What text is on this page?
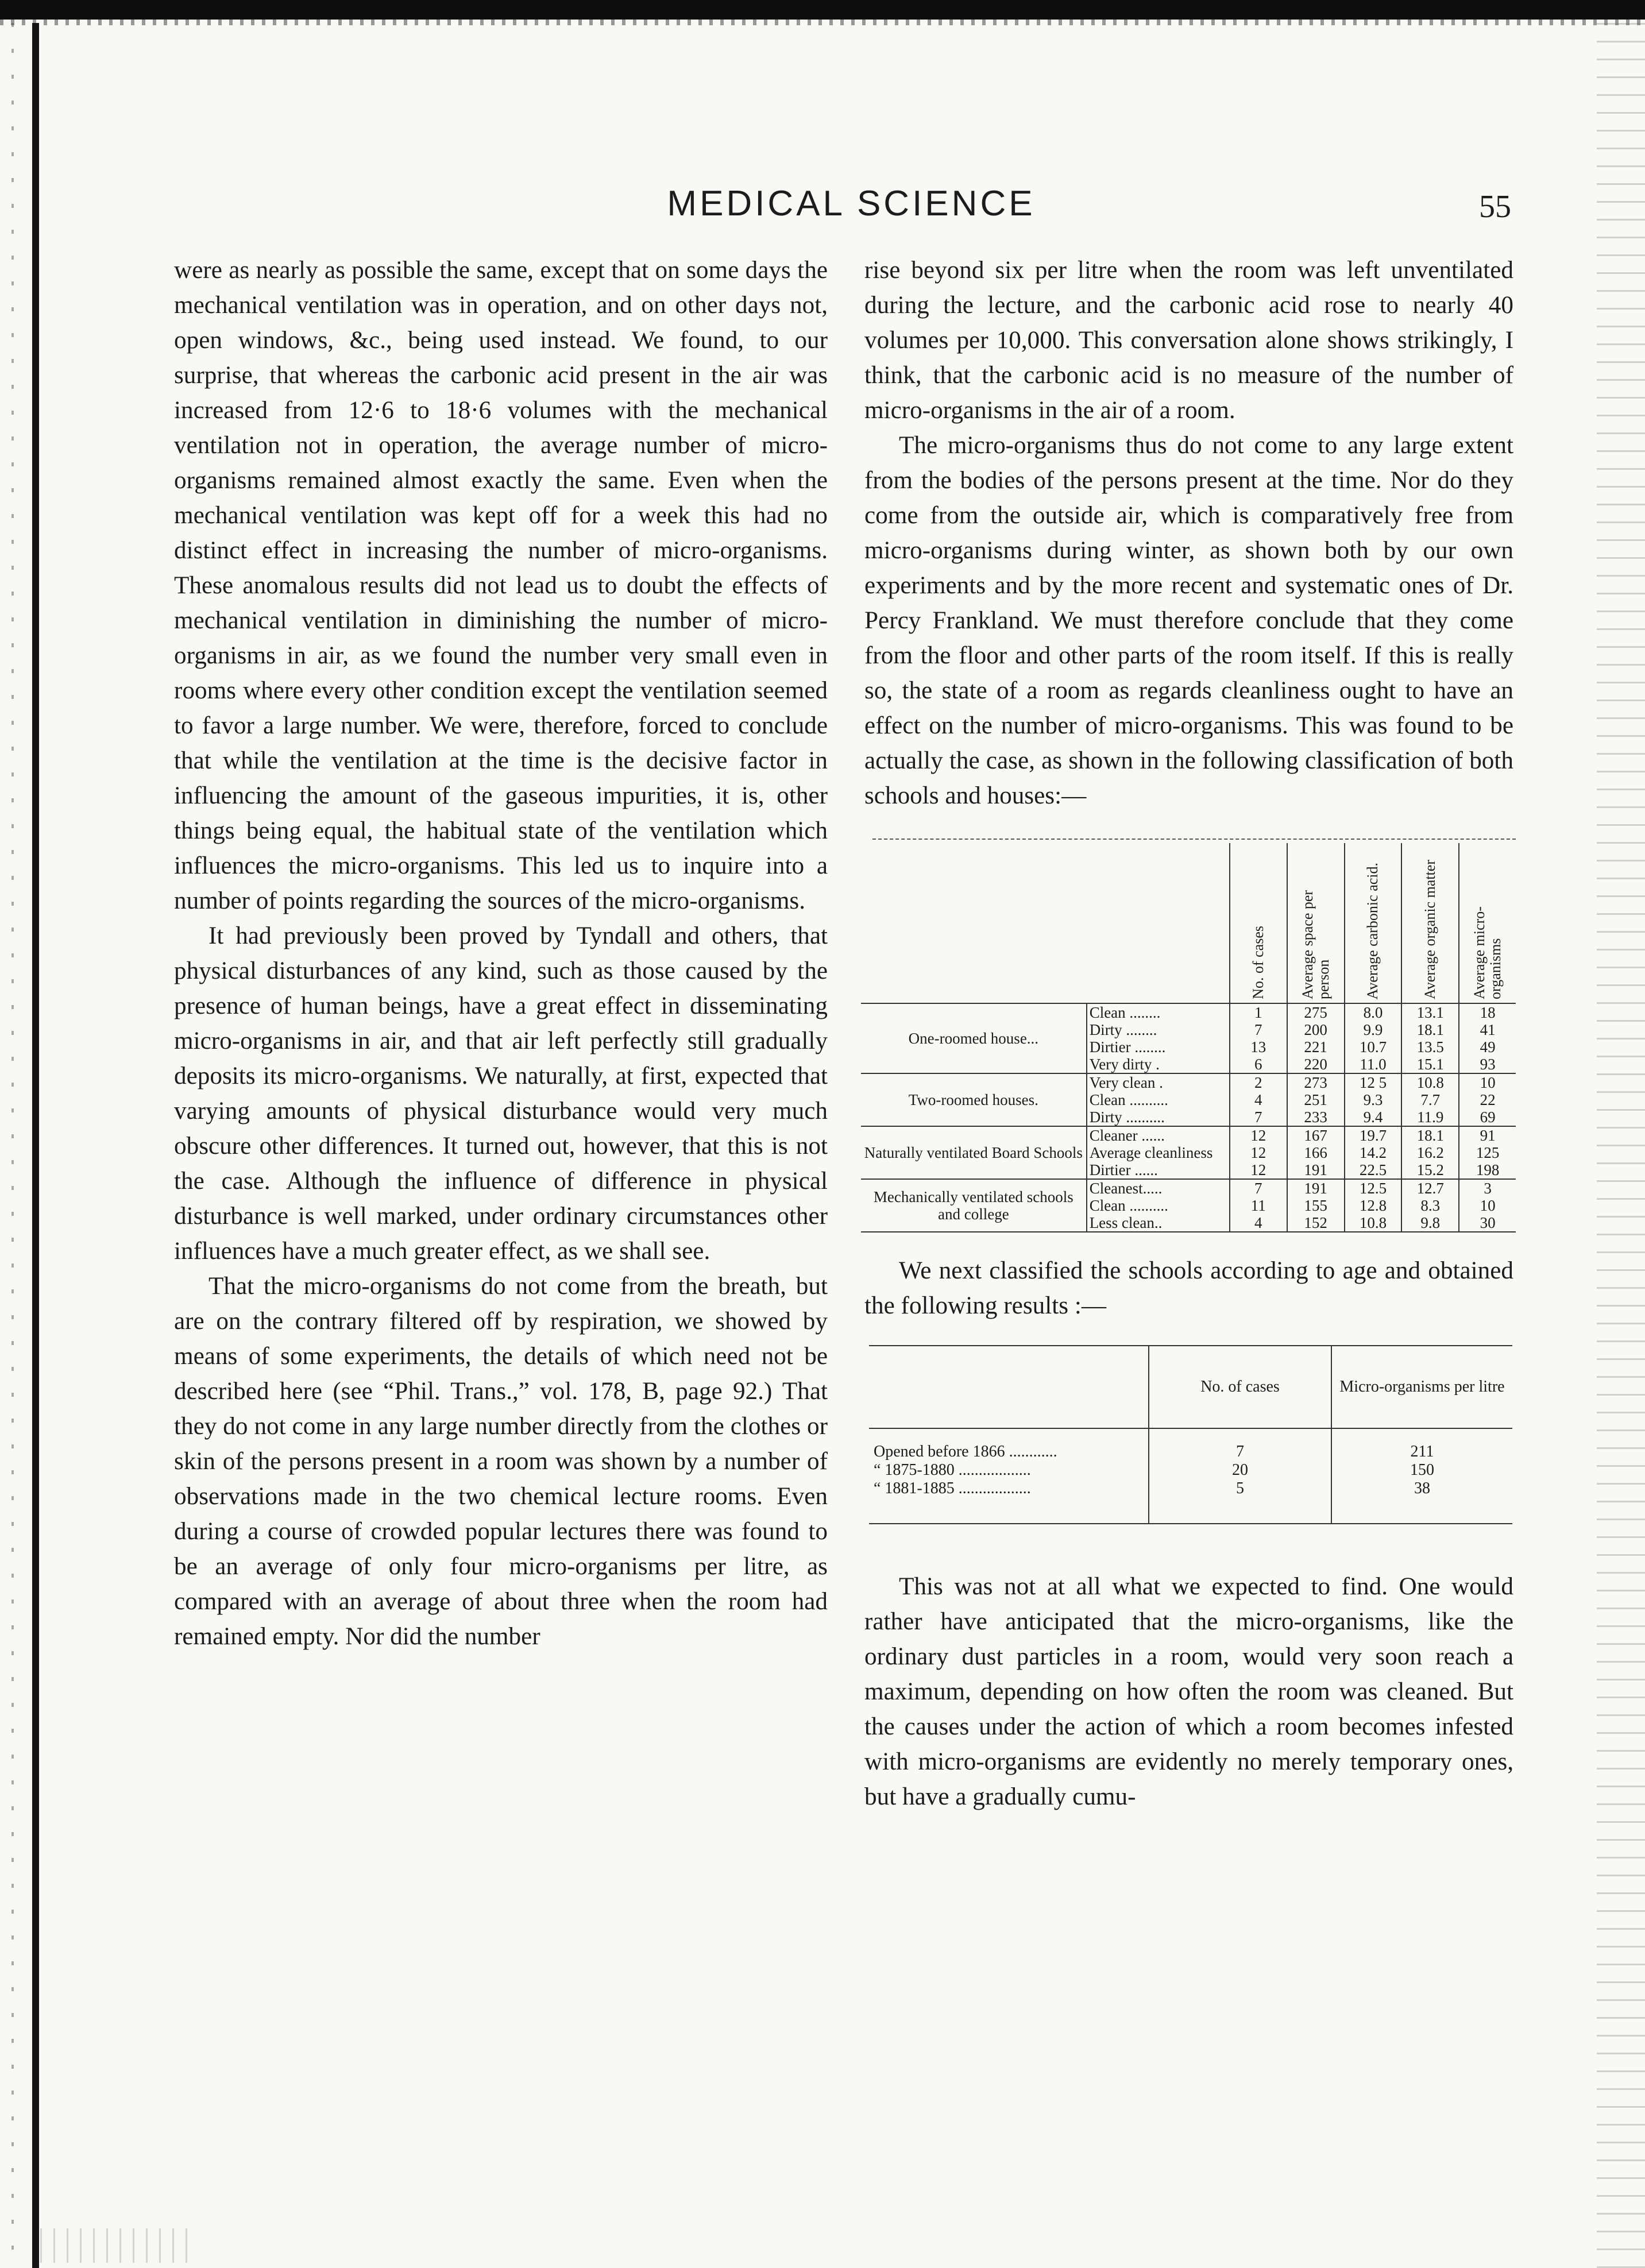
MEDICAL SCIENCE	55

were as nearly as possible the same, except that on some days the mechanical ventilation was in operation, and on other days not, open windows, &c., being used instead. We found, to our surprise, that whereas the carbonic acid present in the air was increased from 12·6 to 18·6 volumes with the mechanical ventilation not in operation, the average number of micro-organisms remained almost exactly the same. Even when the mechanical ventilation was kept off for a week this had no distinct effect in increasing the number of micro-organisms. These anomalous results did not lead us to doubt the effects of mechanical ventilation in diminishing the number of micro-organisms in air, as we found the number very small even in rooms where every other condition except the ventilation seemed to favor a large number. We were, therefore, forced to conclude that while the ventilation at the time is the decisive factor in influencing the amount of the gaseous impurities, it is, other things being equal, the habitual state of the ventilation which influences the micro-organisms. This led us to inquire into a number of points regarding the sources of the micro-organisms.

It had previously been proved by Tyndall and others, that physical disturbances of any kind, such as those caused by the presence of human beings, have a great effect in disseminating micro-organisms in air, and that air left perfectly still gradually deposits its micro-organisms. We naturally, at first, expected that varying amounts of physical disturbance would very much obscure other differences. It turned out, however, that this is not the case. Although the influence of difference in physical disturbance is well marked, under ordinary circumstances other influences have a much greater effect, as we shall see.

That the micro-organisms do not come from the breath, but are on the contrary filtered off by respiration, we showed by means of some experiments, the details of which need not be described here (see “Phil. Trans.,” vol. 178, B, page 92.) That they do not come in any large number directly from the clothes or skin of the persons present in a room was shown by a number of observations made in the two chemical lecture rooms. Even during a course of crowded popular lectures there was found to be an average of only four micro-organisms per litre, as compared with an average of about three when the room had remained empty. Nor did the number

rise beyond six per litre when the room was left unventilated during the lecture, and the carbonic acid rose to nearly 40 volumes per 10,000. This conversation alone shows strikingly, I think, that the carbonic acid is no measure of the number of micro-organisms in the air of a room.

The micro-organisms thus do not come to any large extent from the bodies of the persons present at the time. Nor do they come from the outside air, which is comparatively free from micro-organisms during winter, as shown both by our own experiments and by the more recent and systematic ones of Dr. Percy Frankland. We must therefore conclude that they come from the floor and other parts of the room itself. If this is really so, the state of a room as regards cleanliness ought to have an effect on the number of micro-organisms. This was found to be actually the case, as shown in the following classification of both schools and houses:—

		No. of cases	Average space per person	Average carbonic acid.	Average organic matter	Average micro-organisms
One-roomed house...	Clean ........	1	275	8.0	13.1	18
	Dirty ........	7	200	9.9	18.1	41
	Dirtier ........	13	221	10.7	13.5	49
	Very dirty .	6	220	11.0	15.1	93
Two-roomed houses.	Very clean .	2	273	12 5	10.8	10
	Clean ..........	4	251	9.3	7.7	22
	Dirty ..........	7	233	9.4	11.9	69
Naturally ventilated Board Schools	Cleaner ......	12	167	19.7	18.1	91
	Average cleanliness	12	166	14.2	16.2	125
	Dirtier ......	12	191	22.5	15.2	198
Mechanically ventilated schools and college	Cleanest.....	7	191	12.5	12.7	3
	Clean ..........	11	155	12.8	8.3	10
	Less clean..	4	152	10.8	9.8	30

We next classified the schools according to age and obtained the following results :—

	No. of cases	Micro-organisms per litre
Opened before 1866 ............	7	211
“ 1875-1880 ..................	20	150
“ 1881-1885 ..................	5	38

This was not at all what we expected to find. One would rather have anticipated that the micro-organisms, like the ordinary dust particles in a room, would very soon reach a maximum, depending on how often the room was cleaned. But the causes under the action of which a room becomes infested with micro-organisms are evidently no merely temporary ones, but have a gradually cumu-
